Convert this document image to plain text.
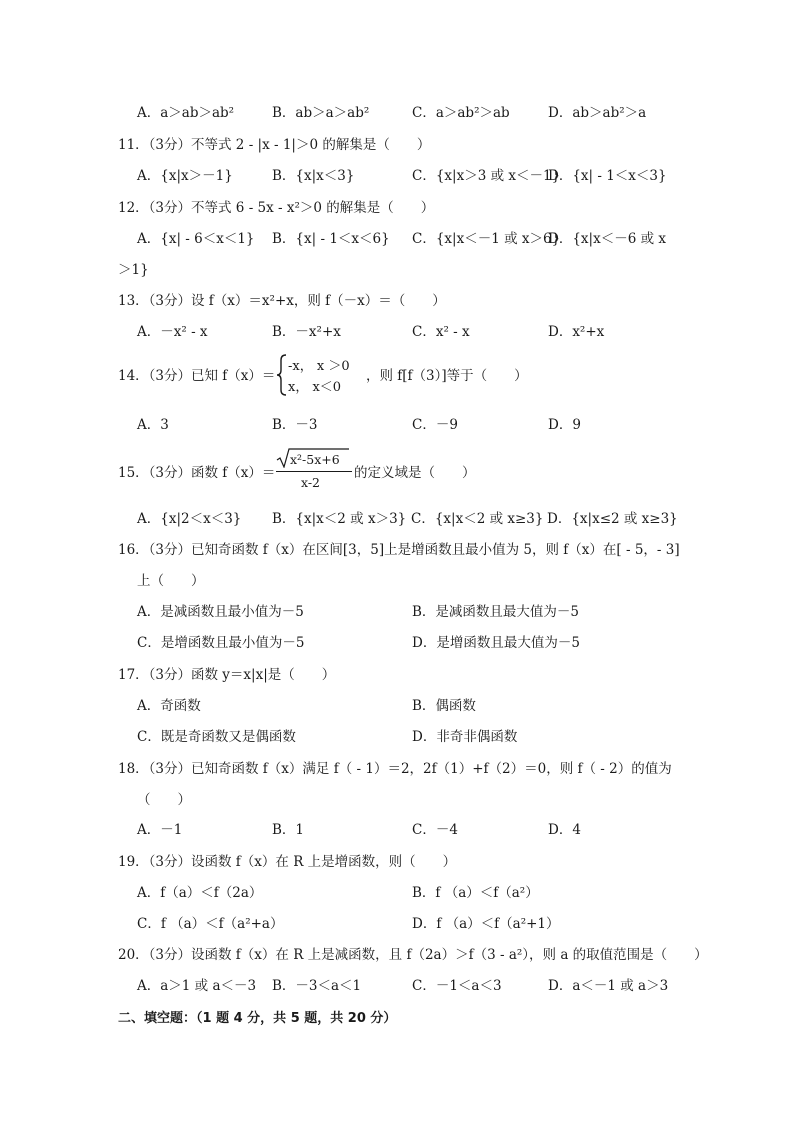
A．a＞ab＞ab²	B．ab＞a＞ab²	C．a＞ab²＞ab	D．ab＞ab²＞a
11．（3分）不等式 2 - |x - 1|＞0 的解集是（　　）
A．{x|x＞－1}	B．{x|x＜3}	C．{x|x＞3 或 x＜－1}
D．{x| - 1＜x＜3}
12．（3分）不等式 6 - 5x - x²＞0 的解集是（　　）
A．{x| - 6＜x＜1} B．{x| - 1＜x＜6} C．{x|x＜－1 或 x＞6}
D．{x|x＜－6 或 x
＞1}
13．（3分）设 f（x）＝x²+x，则 f（－x）＝（　　）
A．－x² - x	B．－x²+x	C．x² - x	D．x²+x
14．（3分）已知 f（x）＝
-x， x ＞0
x， x＜0
，则 f[f（3）]等于（　　）
A．3	B．－3	C．－9	D．9
15．（3分）函数 f（x）＝
x²-5x+6
x-2
的定义域是（　　）
A．{x|2＜x＜3} B．{x|x＜2 或 x＞3} C．{x|x＜2 或 x≥3} D．{x|x≤2 或 x≥3}
16．（3分）已知奇函数 f（x）在区间[3，5]上是增函数且最小值为 5，则 f（x）在[ - 5，- 3]
上（　　）
A．是减函数且最小值为－5	B．是减函数且最大值为－5
C．是增函数且最小值为－5	D．是增函数且最大值为－5
17．（3分）函数 y＝x|x|是（　　）
A．奇函数	B．偶函数
C．既是奇函数又是偶函数	D．非奇非偶函数
18．（3分）已知奇函数 f（x）满足 f（ - 1）＝2，2f（1）+f（2）＝0，则 f（ - 2）的值为
（　　）
A．－1	B．1	C．－4	D．4
19．（3分）设函数 f（x）在 R 上是增函数，则（　　）
A．f（a）＜f（2a）	B．f （a）＜f（a²）
C．f （a）＜f（a²+a）	D．f （a）＜f（a²+1）
20．（3分）设函数 f（x）在 R 上是减函数，且 f（2a）＞f（3 - a²），则 a 的取值范围是（　　）
A．a＞1 或 a＜－3 B．－3＜a＜1	C．－1＜a＜3	D．a＜－1 或 a＞3
二、填空题：（1 题 4 分，共 5 题，共 20 分）
